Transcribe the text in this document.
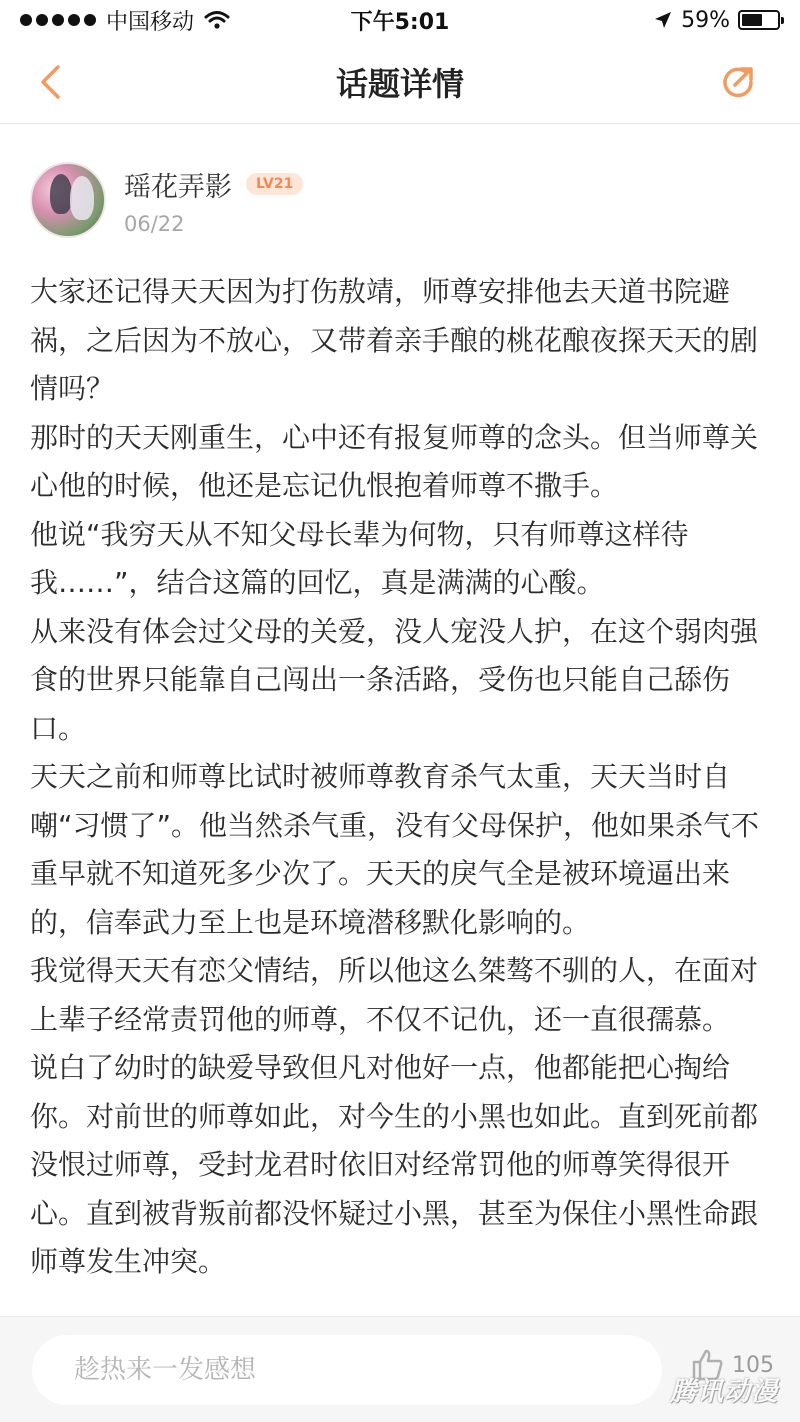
中国移动	下午5:01	59%
话题详情
瑶花弄影	LV21
06/22

大家还记得天天因为打伤敖靖，师尊安排他去天道书院避祸，之后因为不放心，又带着亲手酿的桃花酿夜探天天的剧情吗？

那时的天天刚重生，心中还有报复师尊的念头。但当师尊关心他的时候，他还是忘记仇恨抱着师尊不撒手。

他说“我穷天从不知父母长辈为何物，只有师尊这样待我……”，结合这篇的回忆，真是满满的心酸。

从来没有体会过父母的关爱，没人宠没人护，在这个弱肉强食的世界只能靠自己闯出一条活路，受伤也只能自己舔伤口。

天天之前和师尊比试时被师尊教育杀气太重，天天当时自嘲“习惯了”。他当然杀气重，没有父母保护，他如果杀气不重早就不知道死多少次了。天天的戾气全是被环境逼出来的，信奉武力至上也是环境潜移默化影响的。

我觉得天天有恋父情结，所以他这么桀骜不驯的人，在面对上辈子经常责罚他的师尊，不仅不记仇，还一直很孺慕。

说白了幼时的缺爱导致但凡对他好一点，他都能把心掏给你。对前世的师尊如此，对今生的小黑也如此。直到死前都没恨过师尊，受封龙君时依旧对经常罚他的师尊笑得很开心。直到被背叛前都没怀疑过小黑，甚至为保住小黑性命跟师尊发生冲突。

趁热来一发感想
105
腾讯动漫
